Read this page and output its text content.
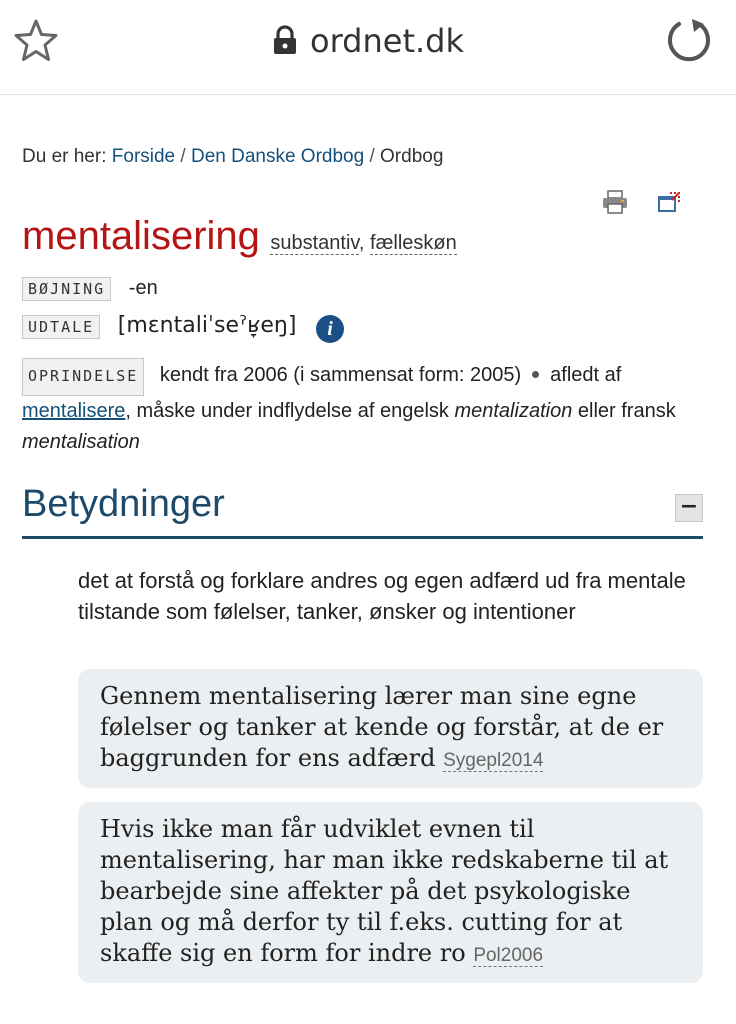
ordnet.dk
Du er her: Forside / Den Danske Ordbog / Ordbog

mentalisering substantiv, fælleskøn
BØJNING -en
UDTALE [mɛntaliˈseˀʁ̞eŋ] i
OPRINDELSE kendt fra 2006 (i sammensat form: 2005) afledt af mentalisere, måske under indflydelse af engelsk mentalization eller fransk mentalisation
Betydninger	−
det at forstå og forklare andres og egen adfærd ud fra mentale tilstande som følelser, tanker, ønsker og intentioner
Gennem mentalisering lærer man sine egne følelser og tanker at kende og forstår, at de er baggrunden for ens adfærd Sygepl2014
Hvis ikke man får udviklet evnen til mentalisering, har man ikke redskaberne til at bearbejde sine affekter på det psykologiske plan og må derfor ty til f.eks. cutting for at skaffe sig en form for indre ro Pol2006
